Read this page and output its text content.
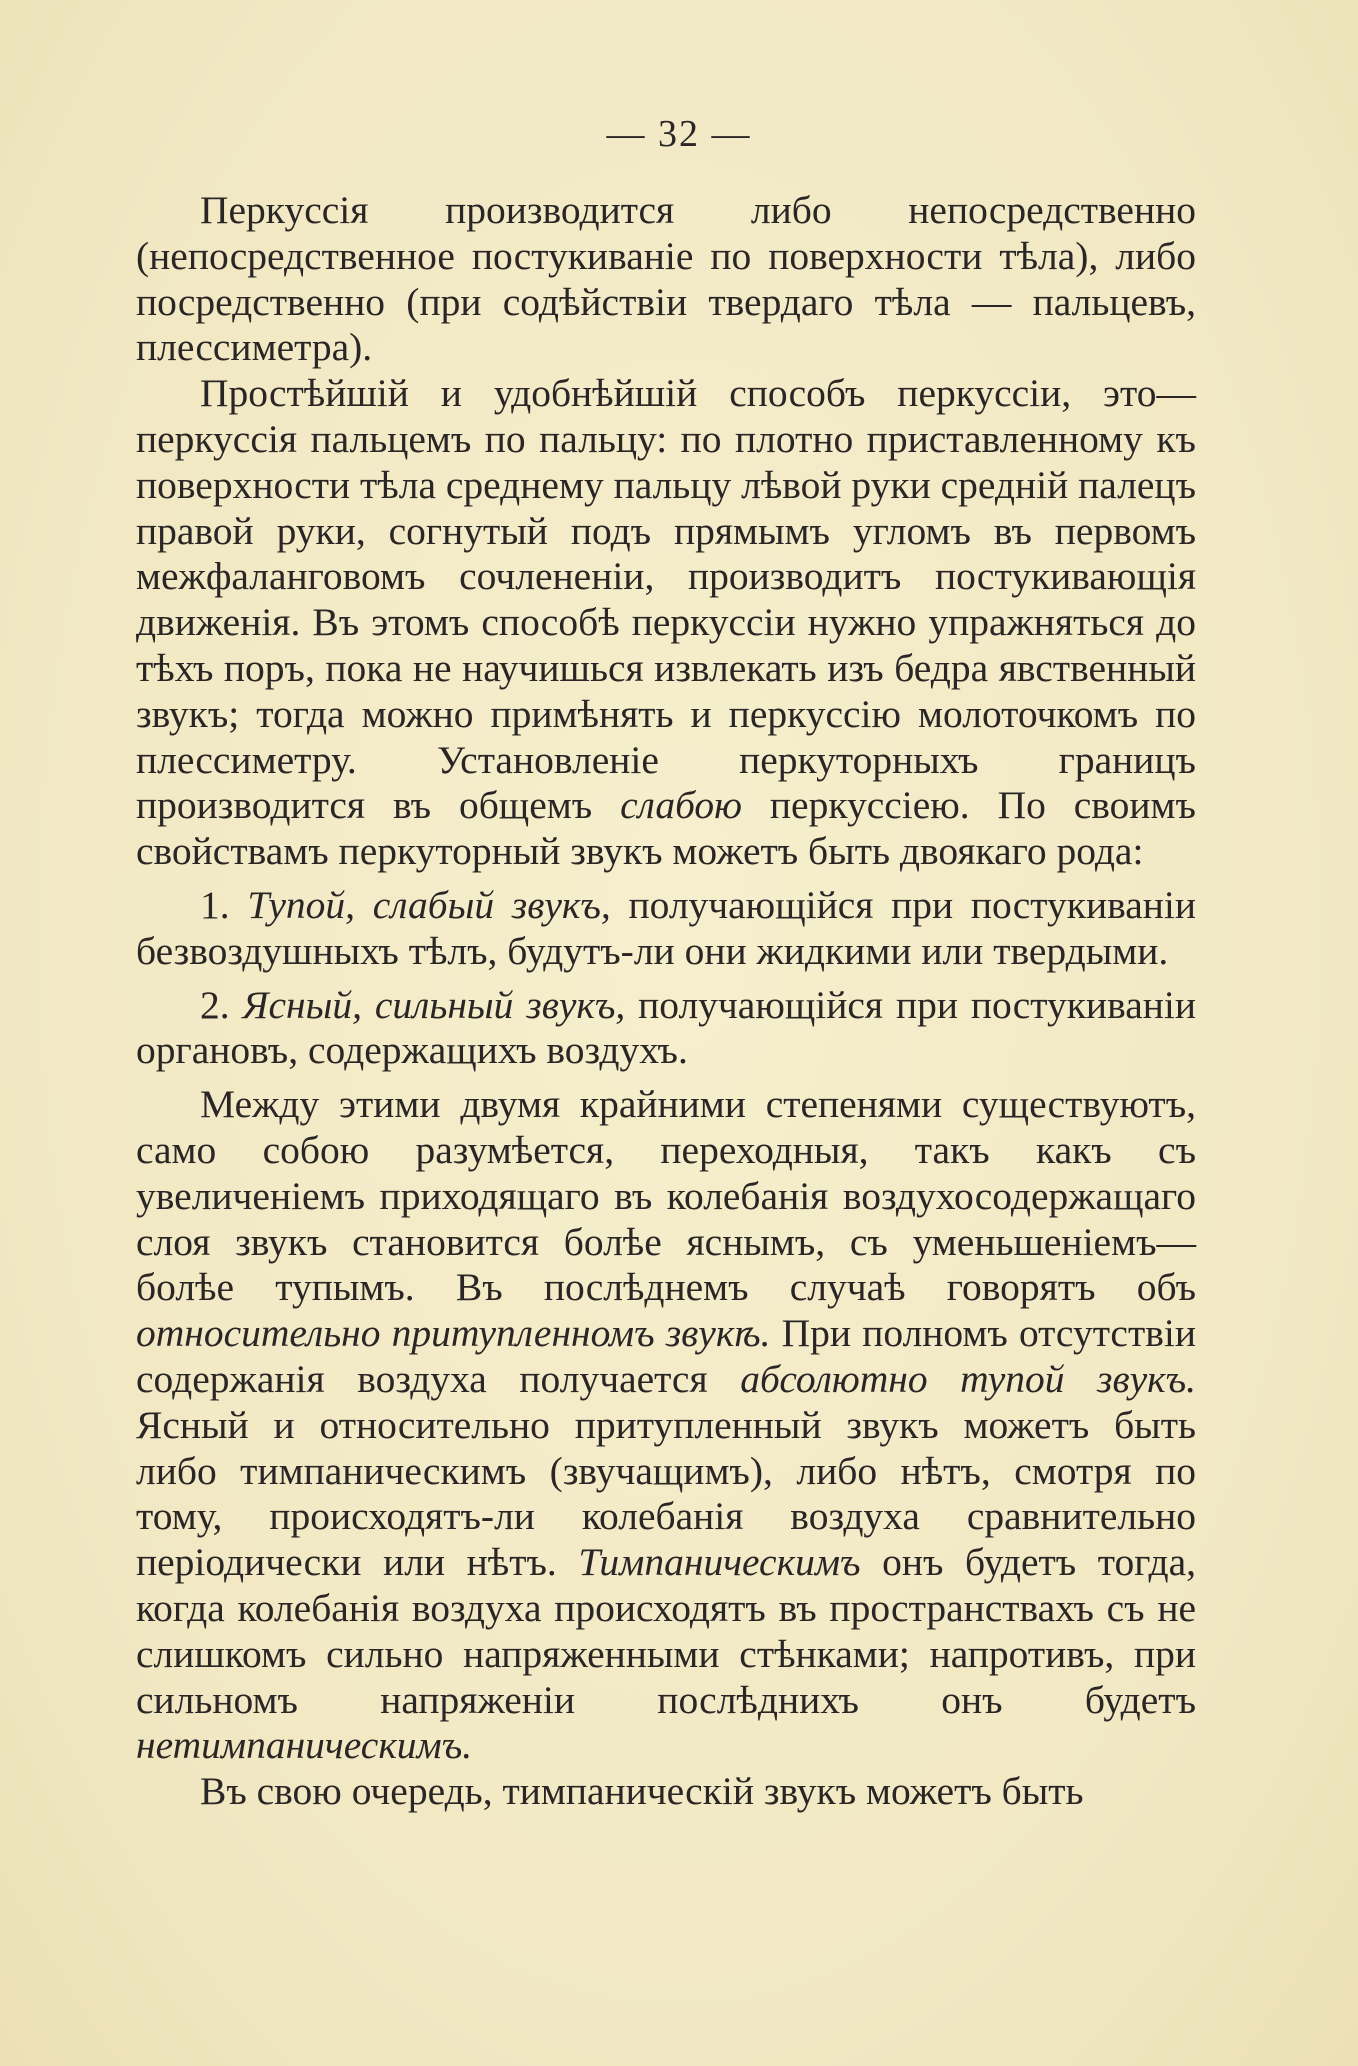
— 32 —

Перкуссія производится либо непосредственно (непосредственное постукиваніе по поверхности тѣла), либо посредственно (при содѣйствіи твердаго тѣла — пальцевъ, плессиметра).

Простѣйшій и удобнѣйшій способъ перкуссіи, это— перкуссія пальцемъ по пальцу: по плотно приставленному къ поверхности тѣла среднему пальцу лѣвой руки средній палецъ правой руки, согнутый подъ прямымъ угломъ въ первомъ межфаланговомъ сочлененіи, производитъ постукивающія движенія. Въ этомъ способѣ перкуссіи нужно упражняться до тѣхъ поръ, пока не научишься извлекать изъ бедра явственный звукъ; тогда можно примѣнять и перкуссію молоточкомъ по плессиметру. Установленіе перкуторныхъ границъ производится въ общемъ слабою перкуссіею. По своимъ свойствамъ перкуторный звукъ можетъ быть двоякаго рода:

1. Тупой, слабый звукъ, получающійся при постукиваніи безвоздушныхъ тѣлъ, будутъ-ли они жидкими или твердыми.

2. Ясный, сильный звукъ, получающійся при постукиваніи органовъ, содержащихъ воздухъ.

Между этими двумя крайними степенями существуютъ, само собою разумѣется, переходныя, такъ какъ съ увеличеніемъ приходящаго въ колебанія воздухосодержащаго слоя звукъ становится болѣе яснымъ, съ уменьшеніемъ—болѣе тупымъ. Въ послѣднемъ случаѣ говорятъ объ относительно притупленномъ звукѣ. При полномъ отсутствіи содержанія воздуха получается абсолютно тупой звукъ. Ясный и относительно притупленный звукъ можетъ быть либо тимпаническимъ (звучащимъ), либо нѣтъ, смотря по тому, происходятъ-ли колебанія воздуха сравнительно періодически или нѣтъ. Тимпаническимъ онъ будетъ тогда, когда колебанія воздуха происходятъ въ пространствахъ съ не слишкомъ сильно напряженными стѣнками; напротивъ, при сильномъ напряженіи послѣднихъ онъ будетъ нетимпаническимъ.

Въ свою очередь, тимпаническій звукъ можетъ быть
